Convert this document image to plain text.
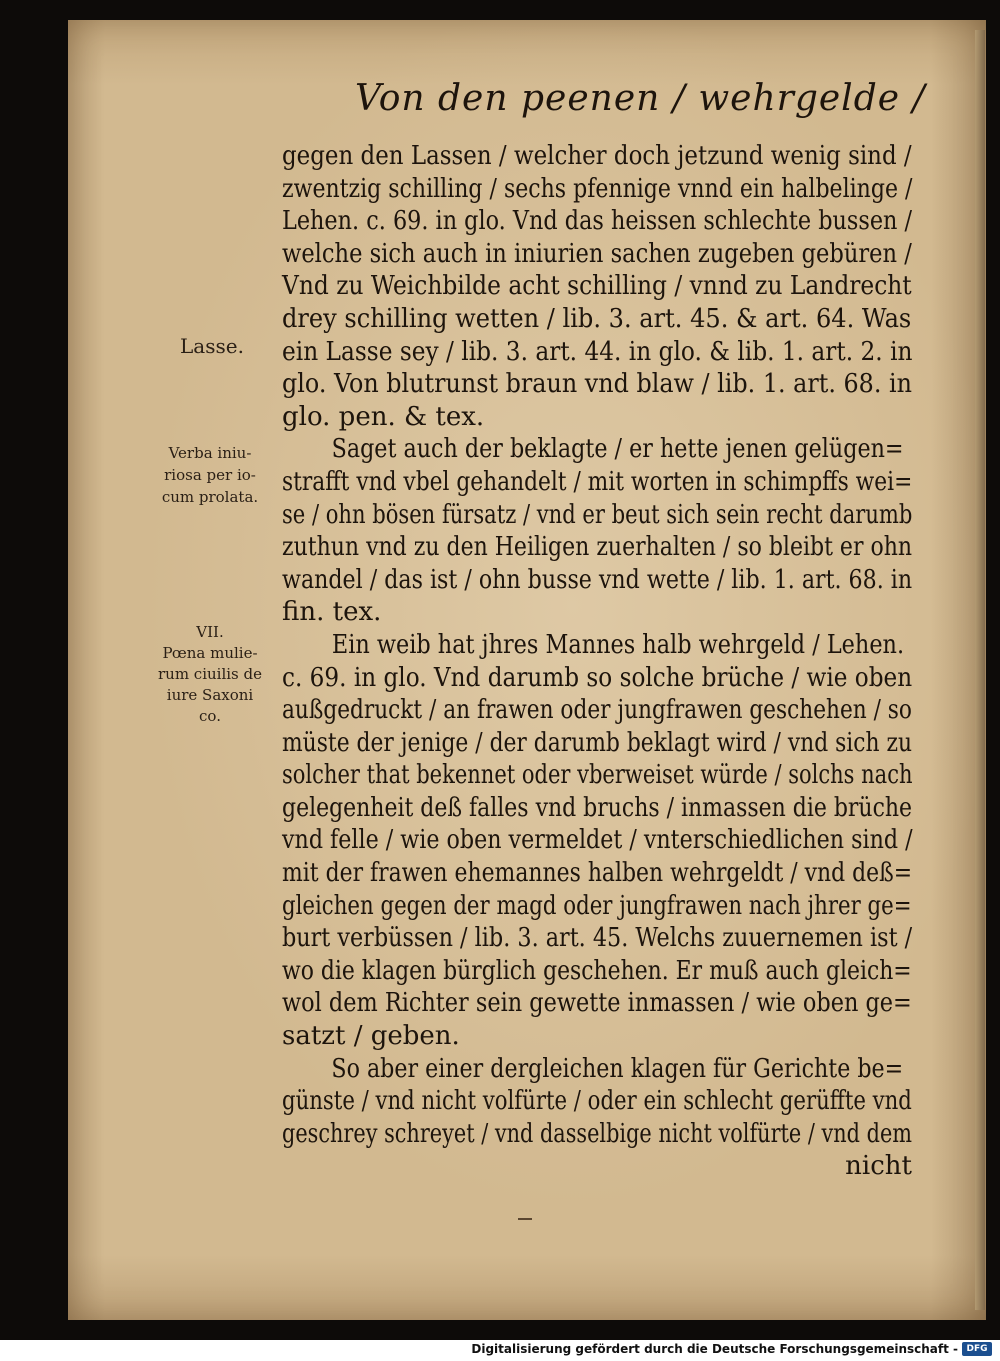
Von den peenen / wehrgelde /
gegen den Lassen / welcher doch jetzund wenig sind /
zwentzig schilling / sechs pfennige vnnd ein halbelinge /
Lehen. c. 69. in glo. Vnd das heissen schlechte bussen /
welche sich auch in iniurien sachen zugeben gebüren /
Vnd zu Weichbilde acht schilling / vnnd zu Landrecht
drey schilling wetten / lib. 3. art. 45. & art. 64. Was
ein Lasse sey / lib. 3. art. 44. in glo. & lib. 1. art. 2. in
glo. Von blutrunst braun vnd blaw / lib. 1. art. 68. in
glo. pen. & tex.
Saget auch der beklagte / er hette jenen gelügen=
strafft vnd vbel gehandelt / mit worten in schimpffs wei=
se / ohn bösen fürsatz / vnd er beut sich sein recht darumb
zuthun vnd zu den Heiligen zuerhalten / so bleibt er ohn
wandel / das ist / ohn busse vnd wette / lib. 1. art. 68. in
fin. tex.
Ein weib hat jhres Mannes halb wehrgeld / Lehen.
c. 69. in glo. Vnd darumb so solche brüche / wie oben
außgedruckt / an frawen oder jungfrawen geschehen / so
müste der jenige / der darumb beklagt wird / vnd sich zu
solcher that bekennet oder vberweiset würde / solchs nach
gelegenheit deß falles vnd bruchs / inmassen die brüche
vnd felle / wie oben vermeldet / vnterschiedlichen sind /
mit der frawen ehemannes halben wehrgeldt / vnd deß=
gleichen gegen der magd oder jungfrawen nach jhrer ge=
burt verbüssen / lib. 3. art. 45. Welchs zuuernemen ist /
wo die klagen bürglich geschehen. Er muß auch gleich=
wol dem Richter sein gewette inmassen / wie oben ge=
satzt / geben.
So aber einer dergleichen klagen für Gerichte be=
günste / vnd nicht volfürte / oder ein schlecht gerüffte vnd
geschrey schreyet / vnd dasselbige nicht volfürte / vnd dem
nicht
Lasse.
Verba iniu-
riosa per io-
cum prolata.
VII.
Pœna mulie-
rum ciuilis de
iure Saxoni
co.
Digitalisierung gefördert durch die Deutsche Forschungsgemeinschaft - DFG
